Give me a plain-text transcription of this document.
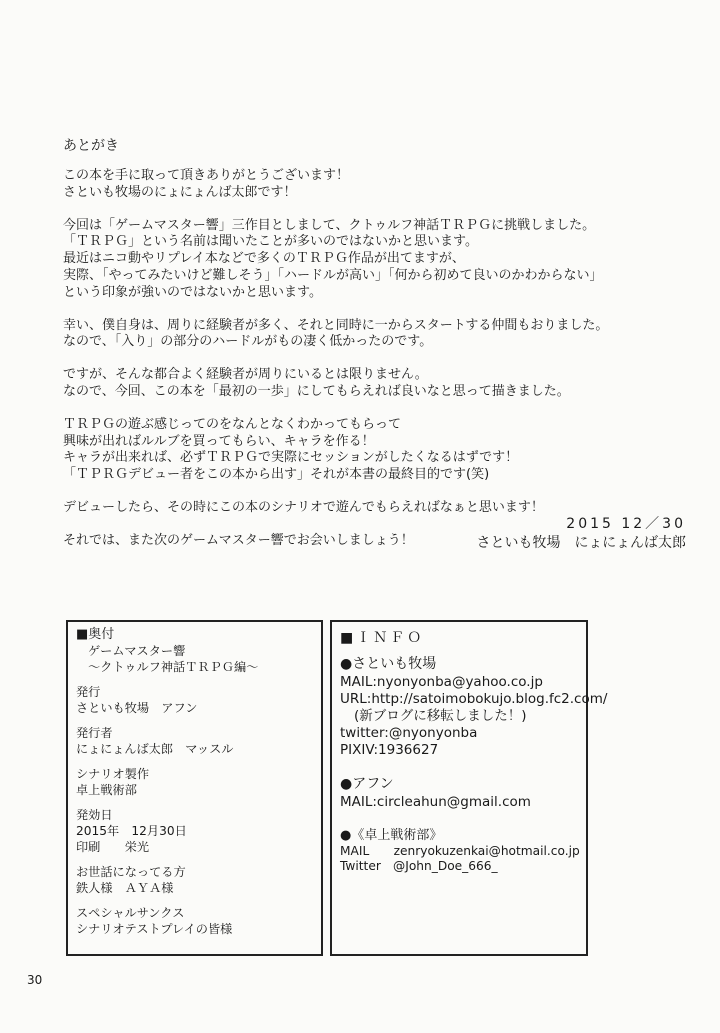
あとがき
この本を手に取って頂きありがとうございます！
さといも牧場のにょにょんば太郎です！
今回は「ゲームマスター響」三作目としまして、クトゥルフ神話ＴＲＰＧに挑戦しました。
「ＴＲＰＧ」という名前は聞いたことが多いのではないかと思います。
最近はニコ動やリプレイ本などで多くのＴＲＰＧ作品が出てますが、
実際、「やってみたいけど難しそう」「ハードルが高い」「何から初めて良いのかわからない」
という印象が強いのではないかと思います。
幸い、僕自身は、周りに経験者が多く、それと同時に一からスタートする仲間もおりました。
なので、「入り」の部分のハードルがもの凄く低かったのです。
ですが、そんな都合よく経験者が周りにいるとは限りません。
なので、今回、この本を「最初の一歩」にしてもらえれば良いなと思って描きました。
ＴＲＰＧの遊ぶ感じってのをなんとなくわかってもらって
興味が出ればルルブを買ってもらい、キャラを作る！
キャラが出来れば、必ずＴＲＰＧで実際にセッションがしたくなるはずです！
「ＴＰＲＧデビュー者をこの本から出す」それが本書の最終目的です(笑)
デビューしたら、その時にこの本のシナリオで遊んでもらえればなぁと思います！
それでは、また次のゲームマスター響でお会いしましょう！
2015 12／30
さといも牧場　にょにょんば太郎
■奥付
ゲームマスター響
～クトゥルフ神話ＴＲＰＧ編～
発行
さといも牧場　アフン
発行者
にょにょんば太郎　マッスル
シナリオ製作
卓上戦術部
発効日
2015年　12月30日
印刷　　栄光
お世話になってる方
鉄人様　ＡＹＡ様
スペシャルサンクス
シナリオテストプレイの皆様
■ＩＮＦＯ
●さといも牧場
MAIL:nyonyonba@yahoo.co.jp
URL:http://satoimobokujo.blog.fc2.com/
(新ブログに移転しました！)
twitter:@nyonyonba
PIXIV:1936627
●アフン
MAIL:circleahun@gmail.com
●《卓上戦術部》
MAIL　　zenryokuzenkai@hotmail.co.jp
Twitter　@John_Doe_666_
30
